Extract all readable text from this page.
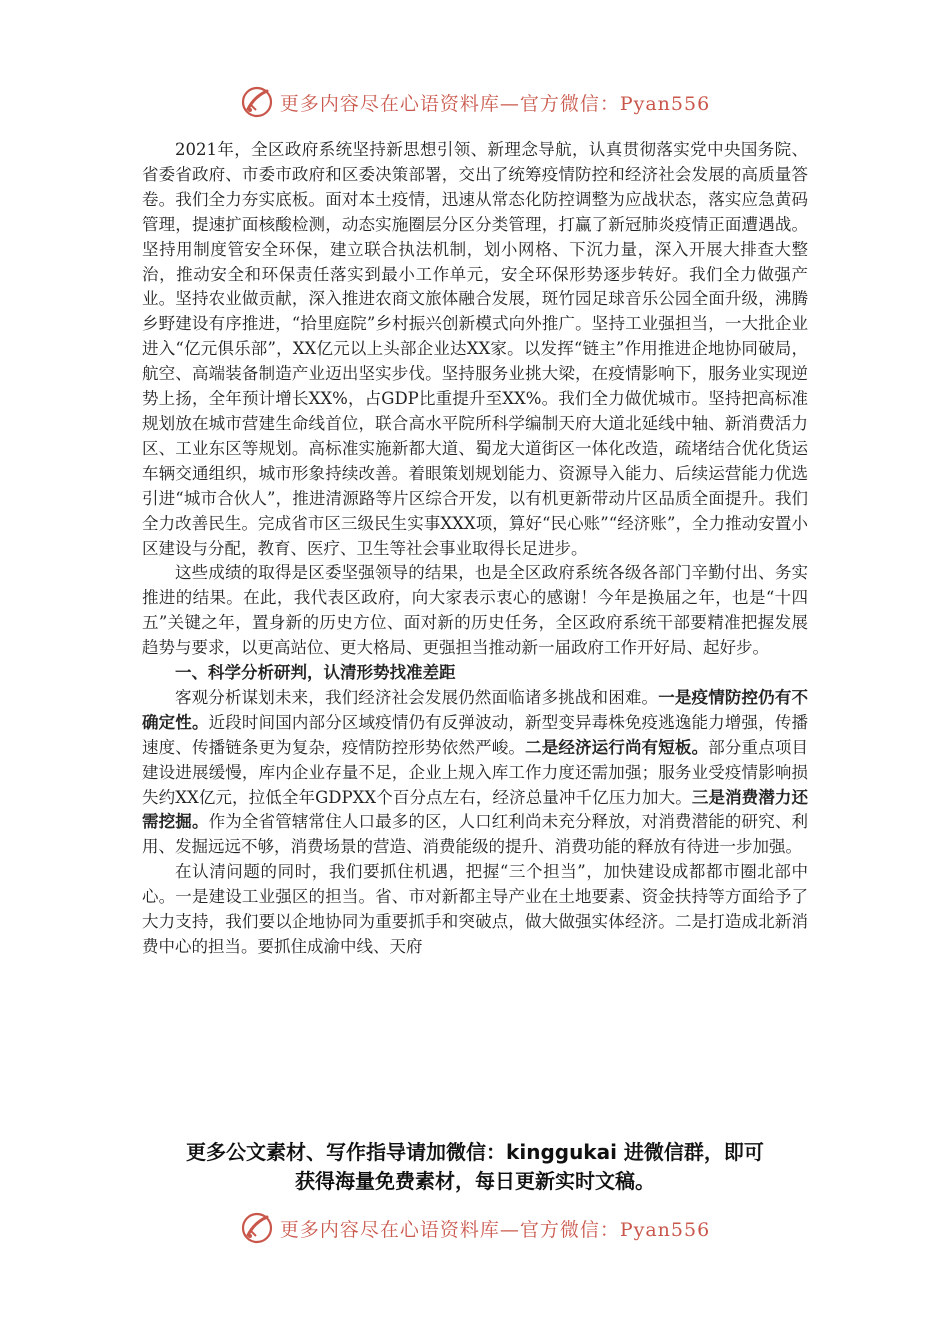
更多内容尽在心语资料库—官方微信：Pyan556

2021年，全区政府系统坚持新思想引领、新理念导航，认真贯彻落实党中央国务院、省委省政府、市委市政府和区委决策部署，交出了统筹疫情防控和经济社会发展的高质量答卷。我们全力夯实底板。面对本土疫情，迅速从常态化防控调整为应战状态，落实应急黄码管理，提速扩面核酸检测，动态实施圈层分区分类管理，打赢了新冠肺炎疫情正面遭遇战。坚持用制度管安全环保，建立联合执法机制，划小网格、下沉力量，深入开展大排查大整治，推动安全和环保责任落实到最小工作单元，安全环保形势逐步转好。我们全力做强产业。坚持农业做贡献，深入推进农商文旅体融合发展，斑竹园足球音乐公园全面升级，沸腾乡野建设有序推进，“拾里庭院”乡村振兴创新模式向外推广。坚持工业强担当，一大批企业进入“亿元俱乐部”，XX亿元以上头部企业达XX家。以发挥“链主”作用推进企地协同破局，航空、高端装备制造产业迈出坚实步伐。坚持服务业挑大梁，在疫情影响下，服务业实现逆势上扬，全年预计增长XX%，占GDP比重提升至XX%。我们全力做优城市。坚持把高标准规划放在城市营建生命线首位，联合高水平院所科学编制天府大道北延线中轴、新消费活力区、工业东区等规划。高标准实施新都大道、蜀龙大道街区一体化改造，疏堵结合优化货运车辆交通组织，城市形象持续改善。着眼策划规划能力、资源导入能力、后续运营能力优选引进“城市合伙人”，推进清源路等片区综合开发，以有机更新带动片区品质全面提升。我们全力改善民生。完成省市区三级民生实事XXX项，算好“民心账”“经济账”，全力推动安置小区建设与分配，教育、医疗、卫生等社会事业取得长足进步。

这些成绩的取得是区委坚强领导的结果，也是全区政府系统各级各部门辛勤付出、务实推进的结果。在此，我代表区政府，向大家表示衷心的感谢！今年是换届之年，也是“十四五”关键之年，置身新的历史方位、面对新的历史任务，全区政府系统干部要精准把握发展趋势与要求，以更高站位、更大格局、更强担当推动新一届政府工作开好局、起好步。

一、科学分析研判，认清形势找准差距

客观分析谋划未来，我们经济社会发展仍然面临诸多挑战和困难。一是疫情防控仍有不确定性。近段时间国内部分区域疫情仍有反弹波动，新型变异毒株免疫逃逸能力增强，传播速度、传播链条更为复杂，疫情防控形势依然严峻。二是经济运行尚有短板。部分重点项目建设进展缓慢，库内企业存量不足，企业上规入库工作力度还需加强；服务业受疫情影响损失约XX亿元，拉低全年GDPXX个百分点左右，经济总量冲千亿压力加大。三是消费潜力还需挖掘。作为全省管辖常住人口最多的区，人口红利尚未充分释放，对消费潜能的研究、利用、发掘远远不够，消费场景的营造、消费能级的提升、消费功能的释放有待进一步加强。

在认清问题的同时，我们要抓住机遇，把握“三个担当”，加快建设成都都市圈北部中心。一是建设工业强区的担当。省、市对新都主导产业在土地要素、资金扶持等方面给予了大力支持，我们要以企地协同为重要抓手和突破点，做大做强实体经济。二是打造成北新消费中心的担当。要抓住成渝中线、天府

更多公文素材、写作指导请加微信：kinggukai 进微信群，即可
获得海量免费素材，每日更新实时文稿。
更多内容尽在心语资料库—官方微信：Pyan556
